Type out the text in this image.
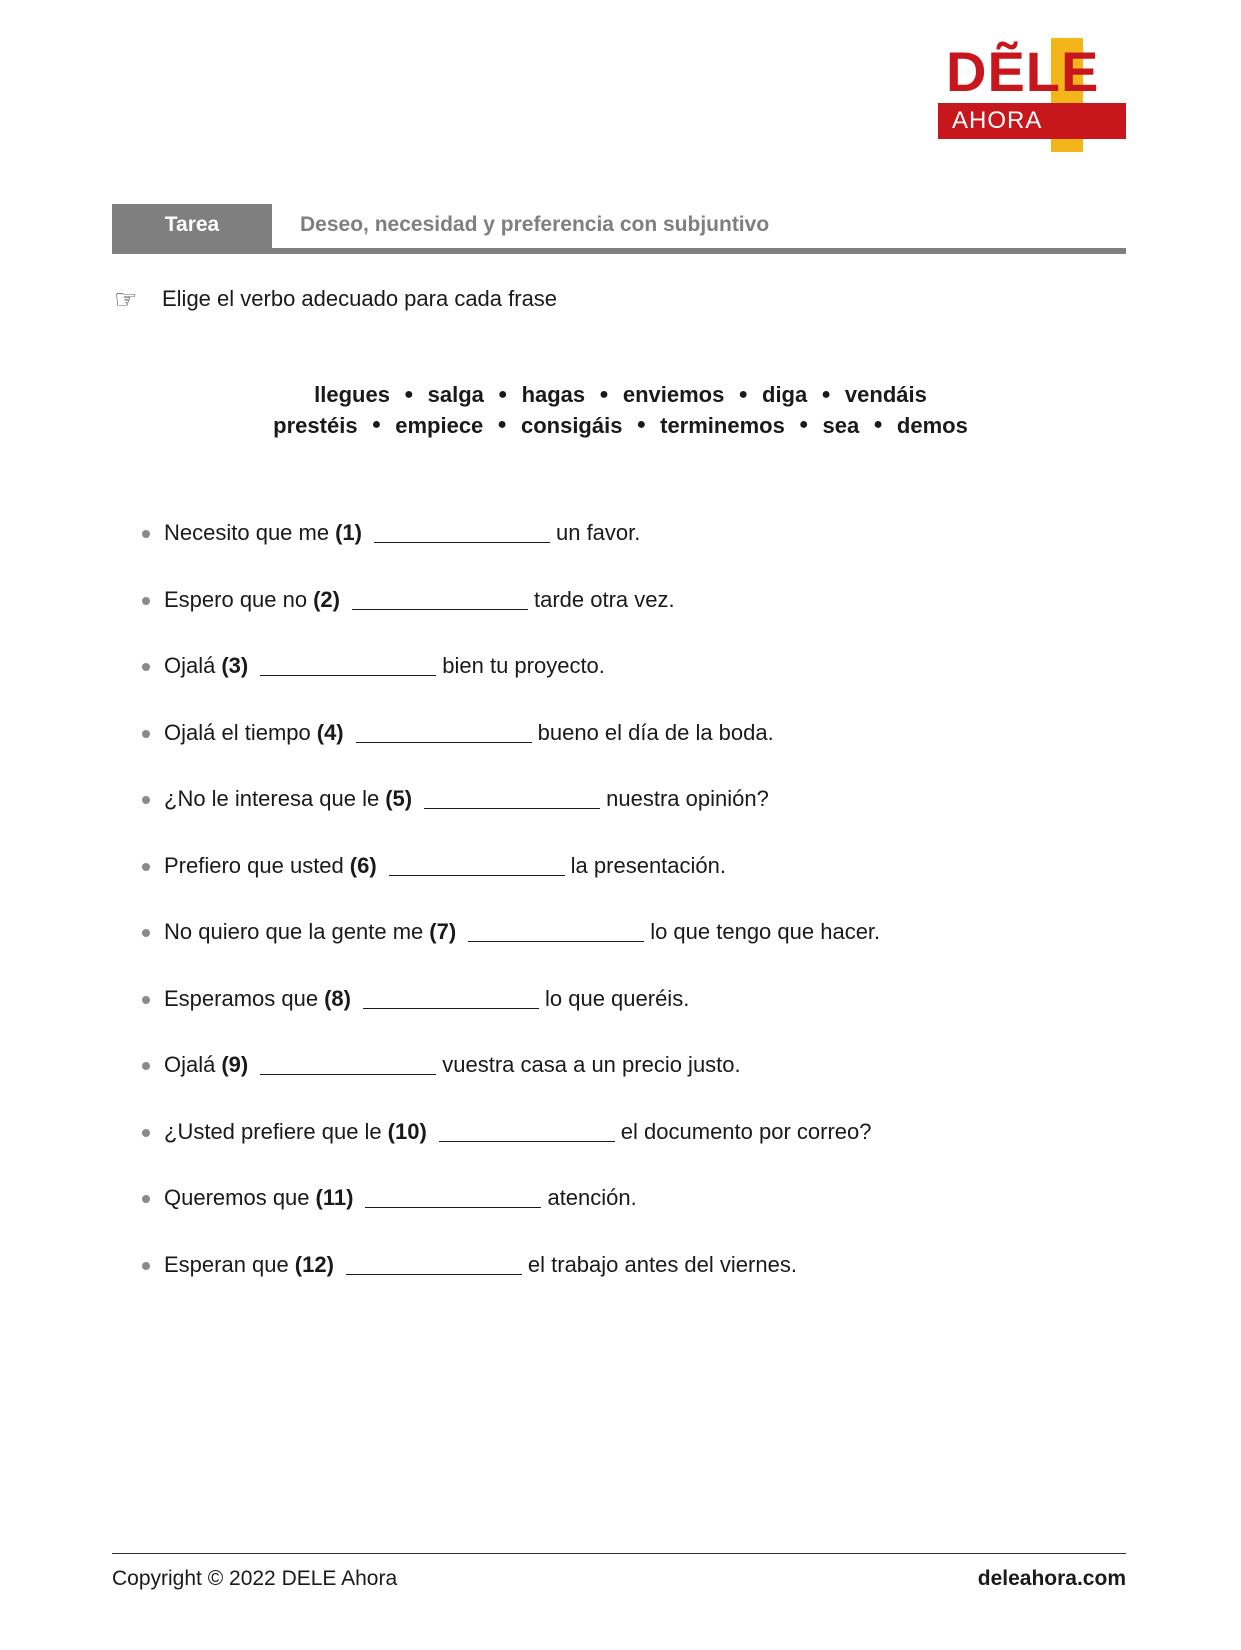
DẼLE
AHORA
Tarea	Deseo, necesidad y preferencia con subjuntivo
☞	Elige el verbo adecuado para cada frase
llegues ● salga ● hagas ● enviemos ● diga ● vendáis
prestéis ● empiece ● consigáis ● terminemos ● sea ● demos
Necesito que me (1)	un favor.
Espero que no (2)	tarde otra vez.
Ojalá (3)	bien tu proyecto.
Ojalá el tiempo (4)	bueno el día de la boda.
¿No le interesa que le (5)	nuestra opinión?
Prefiero que usted (6)	la presentación.
No quiero que la gente me (7)	lo que tengo que hacer.
Esperamos que (8)	lo que queréis.
Ojalá (9)	vuestra casa a un precio justo.
¿Usted prefiere que le (10)	el documento por correo?
Queremos que (11)	atención.
Esperan que (12)	el trabajo antes del viernes.
Copyright © 2022 DELE Ahora	deleahora.com
